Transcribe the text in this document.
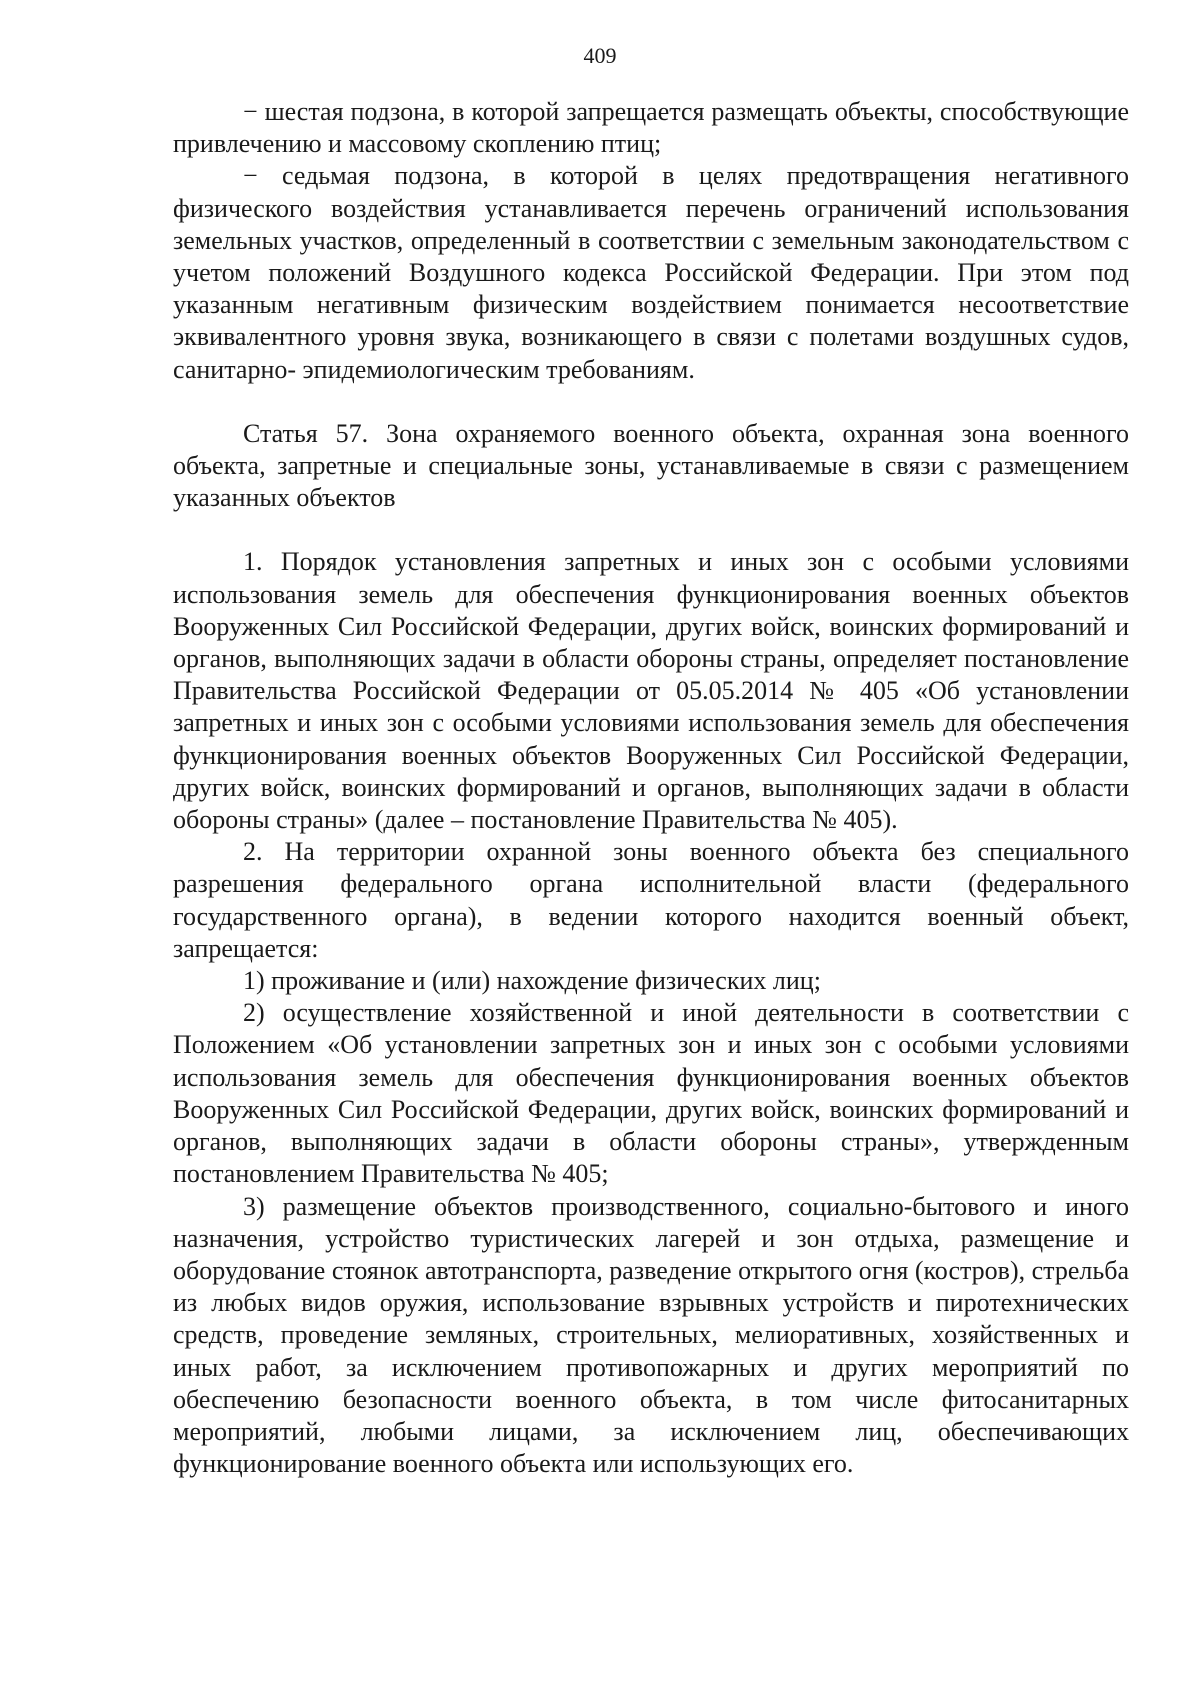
409

− шестая подзона, в которой запрещается размещать объекты, способствующие привлечению и массовому скоплению птиц;

− седьмая подзона, в которой в целях предотвращения негативного физического воздействия устанавливается перечень ограничений использования земельных участков, определенный в соответствии с земельным законодательством с учетом положений Воздушного кодекса Российской Федерации. При этом под указанным негативным физическим воздействием понимается несоответствие эквивалентного уровня звука, возникающего в связи с полетами воздушных судов, санитарно- эпидемиологическим требованиям.

Статья 57. Зона охраняемого военного объекта, охранная зона военного объекта, запретные и специальные зоны, устанавливаемые в связи с размещением указанных объектов

1. Порядок установления запретных и иных зон с особыми условиями использования земель для обеспечения функционирования военных объектов Вооруженных Сил Российской Федерации, других войск, воинских формирований и органов, выполняющих задачи в области обороны страны, определяет постановление Правительства Российской Федерации от 05.05.2014 № 405 «Об установлении запретных и иных зон с особыми условиями использования земель для обеспечения функционирования военных объектов Вооруженных Сил Российской Федерации, других войск, воинских формирований и органов, выполняющих задачи в области обороны страны» (далее – постановление Правительства № 405).

2. На территории охранной зоны военного объекта без специального разрешения федерального органа исполнительной власти (федерального государственного органа), в ведении которого находится военный объект, запрещается:

1) проживание и (или) нахождение физических лиц;

2) осуществление хозяйственной и иной деятельности в соответствии с Положением «Об установлении запретных зон и иных зон с особыми условиями использования земель для обеспечения функционирования военных объектов Вооруженных Сил Российской Федерации, других войск, воинских формирований и органов, выполняющих задачи в области обороны страны», утвержденным постановлением Правительства № 405;

3) размещение объектов производственного, социально-бытового и иного назначения, устройство туристических лагерей и зон отдыха, размещение и оборудование стоянок автотранспорта, разведение открытого огня (костров), стрельба из любых видов оружия, использование взрывных устройств и пиротехнических средств, проведение земляных, строительных, мелиоративных, хозяйственных и иных работ, за исключением противопожарных и других мероприятий по обеспечению безопасности военного объекта, в том числе фитосанитарных мероприятий, любыми лицами, за исключением лиц, обеспечивающих функционирование военного объекта или использующих его.
